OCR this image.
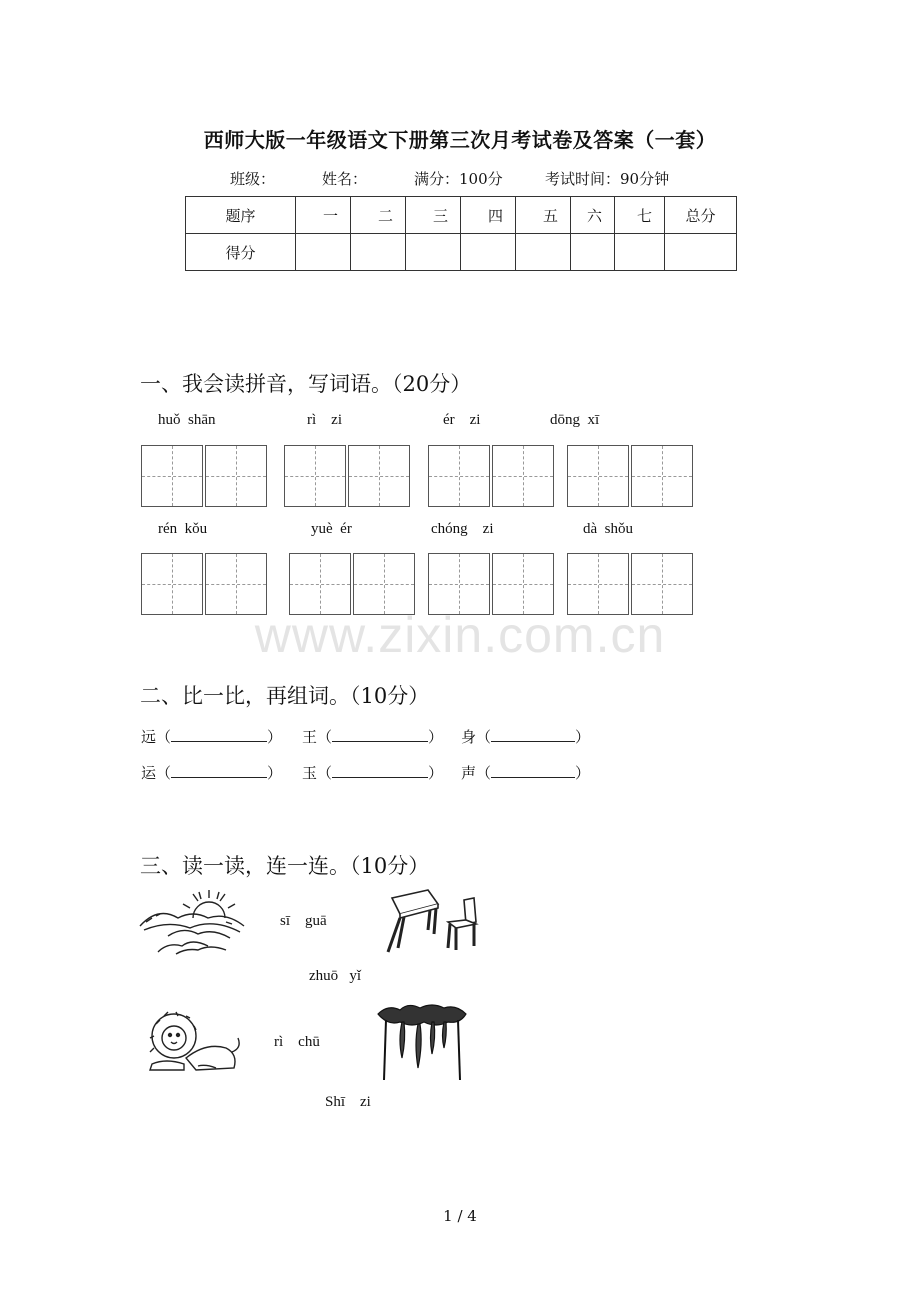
西师大版一年级语文下册第三次月考试卷及答案（一套）
班级：	姓名：	满分：100分	考试时间：90分钟
题序	一	二	三	四	五	六	七	总分
得分								
一、我会读拼音，写词语。（20分）
huǒ  shān	rì    zi	ér    zi	dōng  xī
rén  kǒu	yuè  ér	chóng    zi	dà  shǒu
www.zixin.com.cn
二、比一比，再组词。（10分）
远（	） 王（	） 身（	）
运（	） 玉（	） 声（	）
三、读一读，连一连。（10分）
sī    guā
zhuō   yǐ
rì    chū
Shī    zi
1 / 4
